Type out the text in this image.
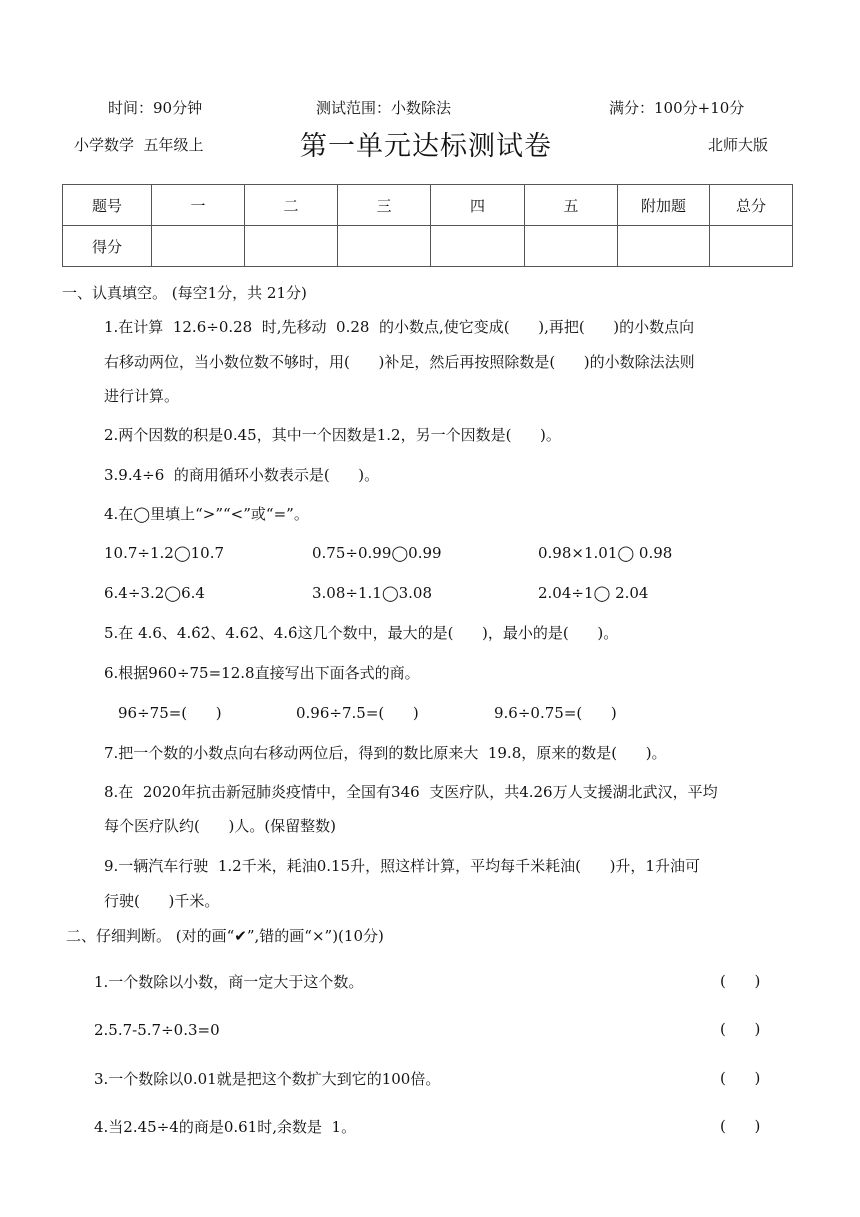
时间：90分钟	测试范围：小数除法	满分：100分+10分
小学数学  五年级上	第一单元达标测试卷	北师大版
题号	一	二	三	四	五	附加题	总分
得分							
一、认真填空。 (每空1分，共 21分)
1.在计算  12.6÷0.28  时,先移动  0.28  的小数点,使它变成(      ),再把(      )的小数点向
右移动两位，当小数位数不够时，用(      )补足，然后再按照除数是(      )的小数除法法则
进行计算。
2.两个因数的积是0.45，其中一个因数是1.2，另一个因数是(      )。
3.9.4÷6  的商用循环小数表示是(      )。
4.在◯里填上“>”“<”或“=”。
10.7÷1.2◯10.7	0.75÷0.99◯0.99	0.98×1.01◯ 0.98
6.4÷3.2◯6.4	3.08÷1.1◯3.08	2.04÷1◯ 2.04
5.在 4.6、4.6̇2̇、4.62̇、4.6̇这几个数中，最大的是(      )，最小的是(      )。
6.根据960÷75=12.8直接写出下面各式的商。
96÷75=(      )	0.96÷7.5=(      )	9.6÷0.75=(      )
7.把一个数的小数点向右移动两位后，得到的数比原来大  19.8，原来的数是(      )。
8.在  2020年抗击新冠肺炎疫情中，全国有346  支医疗队，共4.26万人支援湖北武汉，平均
每个医疗队约(      )人。(保留整数)
9.一辆汽车行驶  1.2千米，耗油0.15升，照这样计算，平均每千米耗油(      )升，1升油可
行驶(      )千米。
二、仔细判断。 (对的画“✔”,错的画“×”)(10分)
1.一个数除以小数，商一定大于这个数。	(      )
2.5.7-5.7÷0.3=0	(      )
3.一个数除以0.01就是把这个数扩大到它的100倍。	(      )
4.当2.45÷4的商是0.61时,余数是  1。	(      )
